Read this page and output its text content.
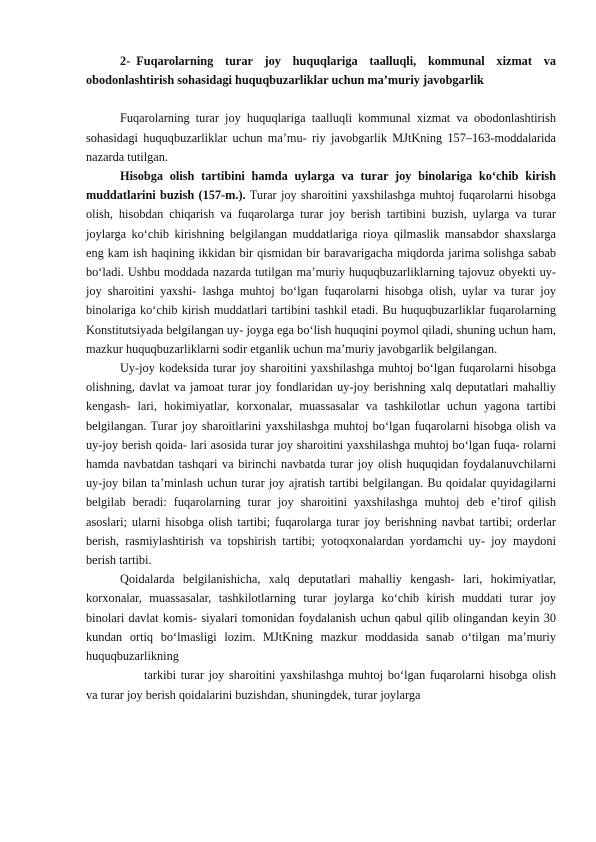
2- Fuqarolarning turar joy huquqlariga taalluqli, kommunal xizmat va obodonlashtirish sohasidagi huquqbuzarliklar uchun ma’muriy javobgarlik

Fuqarolarning turar joy huquqlariga taalluqli kommunal xizmat va obodonlashtirish sohasidagi huquqbuzarliklar uchun ma’mu- riy javobgarlik MJtKning 157–163-moddalarida nazarda tutilgan.

Hisobga olish tartibini hamda uylarga va turar joy binolariga ko‘chib kirish muddatlarini buzish (157-m.). Turar joy sharoitini yaxshilashga muhtoj fuqarolarni hisobga olish, hisobdan chiqarish va fuqarolarga turar joy berish tartibini buzish, uylarga va turar joylarga ko‘chib kirishning belgilangan muddatlariga rioya qilmaslik mansabdor shaxslarga eng kam ish haqining ikkidan bir qismidan bir baravarigacha miqdorda jarima solishga sabab bo‘ladi. Ushbu moddada nazarda tutilgan ma’muriy huquqbuzarliklarning tajovuz obyekti uy-joy sharoitini yaxshi- lashga muhtoj bo‘lgan fuqarolarni hisobga olish, uylar va turar joy binolariga ko‘chib kirish muddatlari tartibini tashkil etadi. Bu huquqbuzarliklar fuqarolarning Konstitutsiyada belgilangan uy- joyga ega bo‘lish huquqini poymol qiladi, shuning uchun ham, mazkur huquqbuzarliklarni sodir etganlik uchun ma’muriy javobgarlik belgilangan.

Uy-joy kodeksida turar joy sharoitini yaxshilashga muhtoj bo‘lgan fuqarolarni hisobga olishning, davlat va jamoat turar joy fondlaridan uy-joy berishning xalq deputatlari mahalliy kengash- lari, hokimiyatlar, korxonalar, muassasalar va tashkilotlar uchun yagona tartibi belgilangan. Turar joy sharoitlarini yaxshilashga muhtoj bo‘lgan fuqarolarni hisobga olish va uy-joy berish qoida- lari asosida turar joy sharoitini yaxshilashga muhtoj bo‘lgan fuqa- rolarni hamda navbatdan tashqari va birinchi navbatda turar joy olish huquqidan foydalanuvchilarni uy-joy bilan ta’minlash uchun turar joy ajratish tartibi belgilangan. Bu qoidalar quyidagilarni belgilab beradi: fuqarolarning turar joy sharoitini yaxshilashga muhtoj deb e’tirof qilish asoslari; ularni hisobga olish tartibi; fuqarolarga turar joy berishning navbat tartibi; orderlar berish, rasmiylashtirish va topshirish tartibi; yotoqxonalardan yordamchi uy- joy maydoni berish tartibi.

Qoidalarda belgilanishicha, xalq deputatlari mahalliy kengash- lari, hokimiyatlar, korxonalar, muassasalar, tashkilotlarning turar joylarga ko‘chib kirish muddati turar joy binolari davlat komis- siyalari tomonidan foydalanish uchun qabul qilib olingandan keyin 30 kundan ortiq bo‘lmasligi lozim. MJtKning mazkur moddasida sanab o‘tilgan ma’muriy huquqbuzarlikning

tarkibi turar joy sharoitini yaxshilashga muhtoj bo‘lgan fuqarolarni hisobga olish va turar joy berish qoidalarini buzishdan, shuningdek, turar joylarga
